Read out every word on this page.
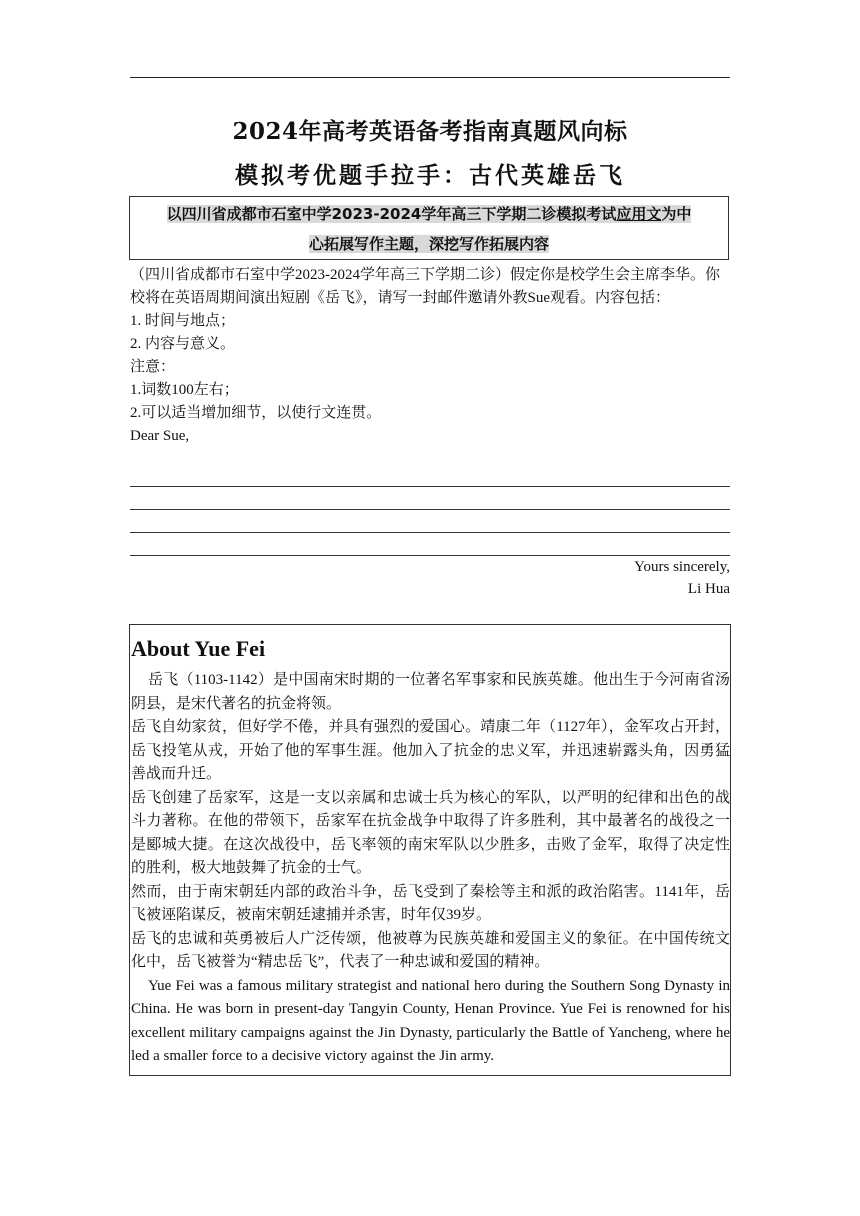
2024年高考英语备考指南真题风向标
模拟考优题手拉手：古代英雄岳飞
以四川省成都市石室中学2023-2024学年高三下学期二诊模拟考试应用文为中
心拓展写作主题，深挖写作拓展内容

（四川省成都市石室中学2023-2024学年高三下学期二诊）假定你是校学生会主席李华。你校将在英语周期间演出短剧《岳飞》，请写一封邮件邀请外教Sue观看。内容包括：

1. 时间与地点；

2. 内容与意义。

注意：

1.词数100左右；

2.可以适当增加细节，以使行文连贯。

Dear Sue,

Yours sincerely,
Li Hua
About Yue Fei

岳飞（1103-1142）是中国南宋时期的一位著名军事家和民族英雄。他出生于今河南省汤阴县，是宋代著名的抗金将领。

岳飞自幼家贫，但好学不倦，并具有强烈的爱国心。靖康二年（1127年），金军攻占开封，岳飞投笔从戎，开始了他的军事生涯。他加入了抗金的忠义军，并迅速崭露头角，因勇猛善战而升迁。

岳飞创建了岳家军，这是一支以亲属和忠诚士兵为核心的军队，以严明的纪律和出色的战斗力著称。在他的带领下，岳家军在抗金战争中取得了许多胜利，其中最著名的战役之一是郾城大捷。在这次战役中，岳飞率领的南宋军队以少胜多，击败了金军，取得了决定性的胜利，极大地鼓舞了抗金的士气。

然而，由于南宋朝廷内部的政治斗争，岳飞受到了秦桧等主和派的政治陷害。1141年，岳飞被诬陷谋反，被南宋朝廷逮捕并杀害，时年仅39岁。

岳飞的忠诚和英勇被后人广泛传颂，他被尊为民族英雄和爱国主义的象征。在中国传统文化中，岳飞被誉为“精忠岳飞”，代表了一种忠诚和爱国的精神。

Yue Fei was a famous military strategist and national hero during the Southern Song Dynasty in China. He was born in present-day Tangyin County, Henan Province. Yue Fei is renowned for his excellent military campaigns against the Jin Dynasty, particularly the Battle of Yancheng, where he led a smaller force to a decisive victory against the Jin army.
